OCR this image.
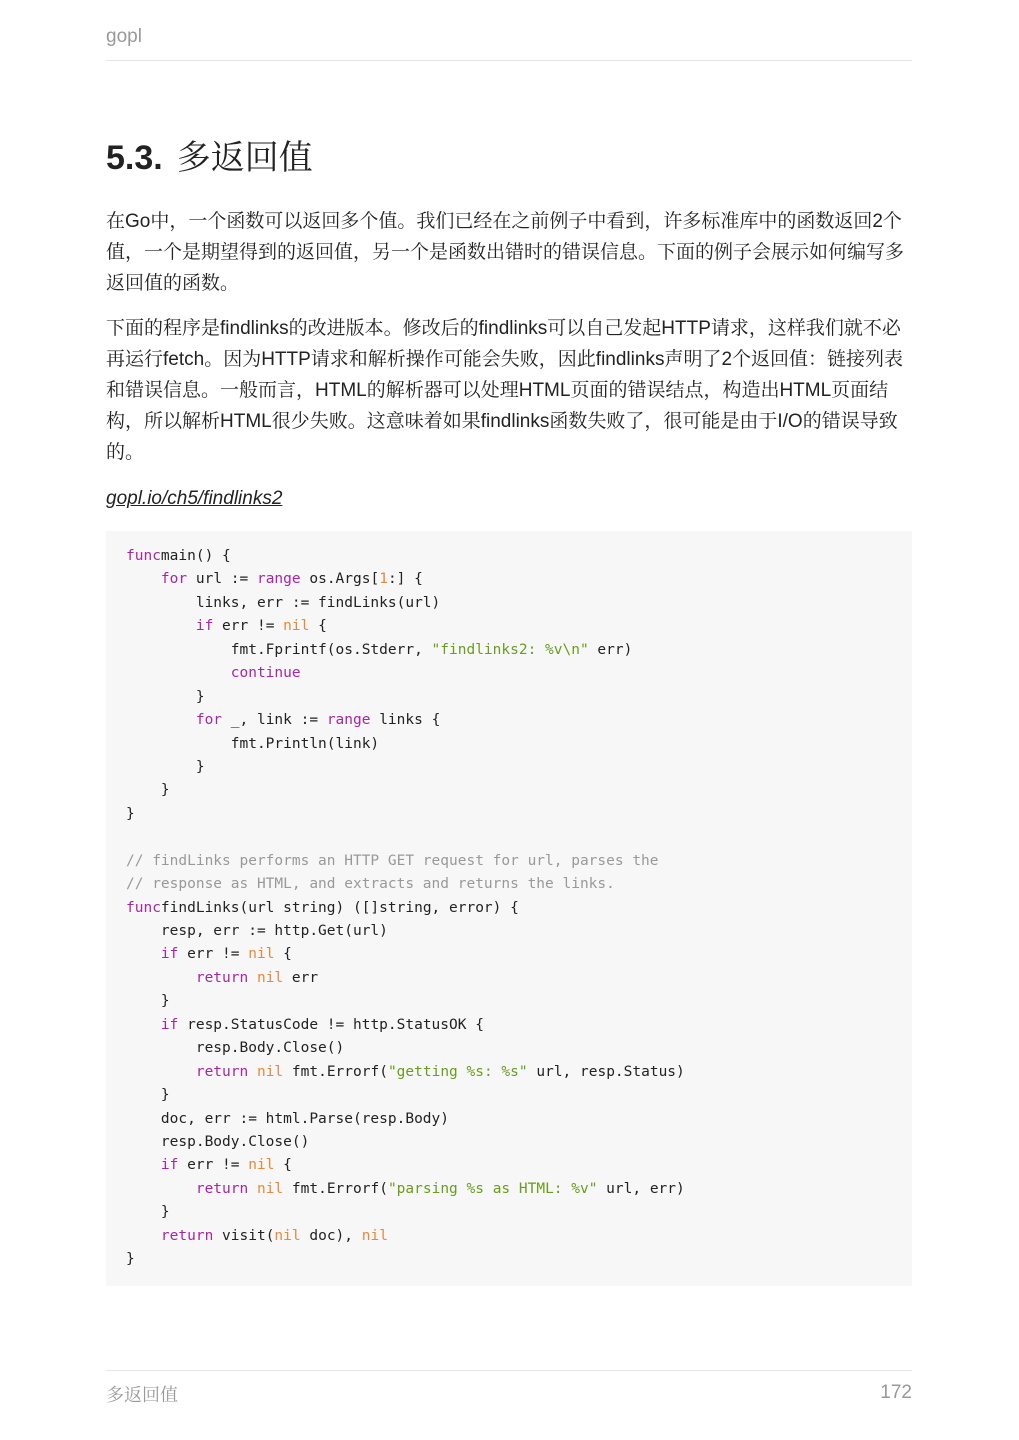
gopl
5.3. 多返回值

在Go中，一个函数可以返回多个值。我们已经在之前例子中看到，许多标准库中的函数返回2个值，一个是期望得到的返回值，另一个是函数出错时的错误信息。下面的例子会展示如何编写多返回值的函数。

下面的程序是findlinks的改进版本。修改后的findlinks可以自己发起HTTP请求，这样我们就不必再运行fetch。因为HTTP请求和解析操作可能会失败，因此findlinks声明了2个返回值：链接列表和错误信息。一般而言，HTML的解析器可以处理HTML页面的错误结点，构造出HTML页面结构，所以解析HTML很少失败。这意味着如果findlinks函数失败了，很可能是由于I/O的错误导致的。

gopl.io/ch5/findlinks2
funcmain() {
for url := range os.Args[1:] {
links, err := findLinks(url)
if err != nil {
fmt.Fprintf(os.Stderr, "findlinks2: %v\n" err)
continue
}
for _, link := range links {
fmt.Println(link)
}
}
}
// findLinks performs an HTTP GET request for url, parses the
// response as HTML, and extracts and returns the links.
funcfindLinks(url string) ([]string, error) {
resp, err := http.Get(url)
if err != nil {
return nil err
}
if resp.StatusCode != http.StatusOK {
resp.Body.Close()
return nil fmt.Errorf("getting %s: %s" url, resp.Status)
}
doc, err := html.Parse(resp.Body)
resp.Body.Close()
if err != nil {
return nil fmt.Errorf("parsing %s as HTML: %v" url, err)
}
return visit(nil doc), nil
}
多返回值	172
